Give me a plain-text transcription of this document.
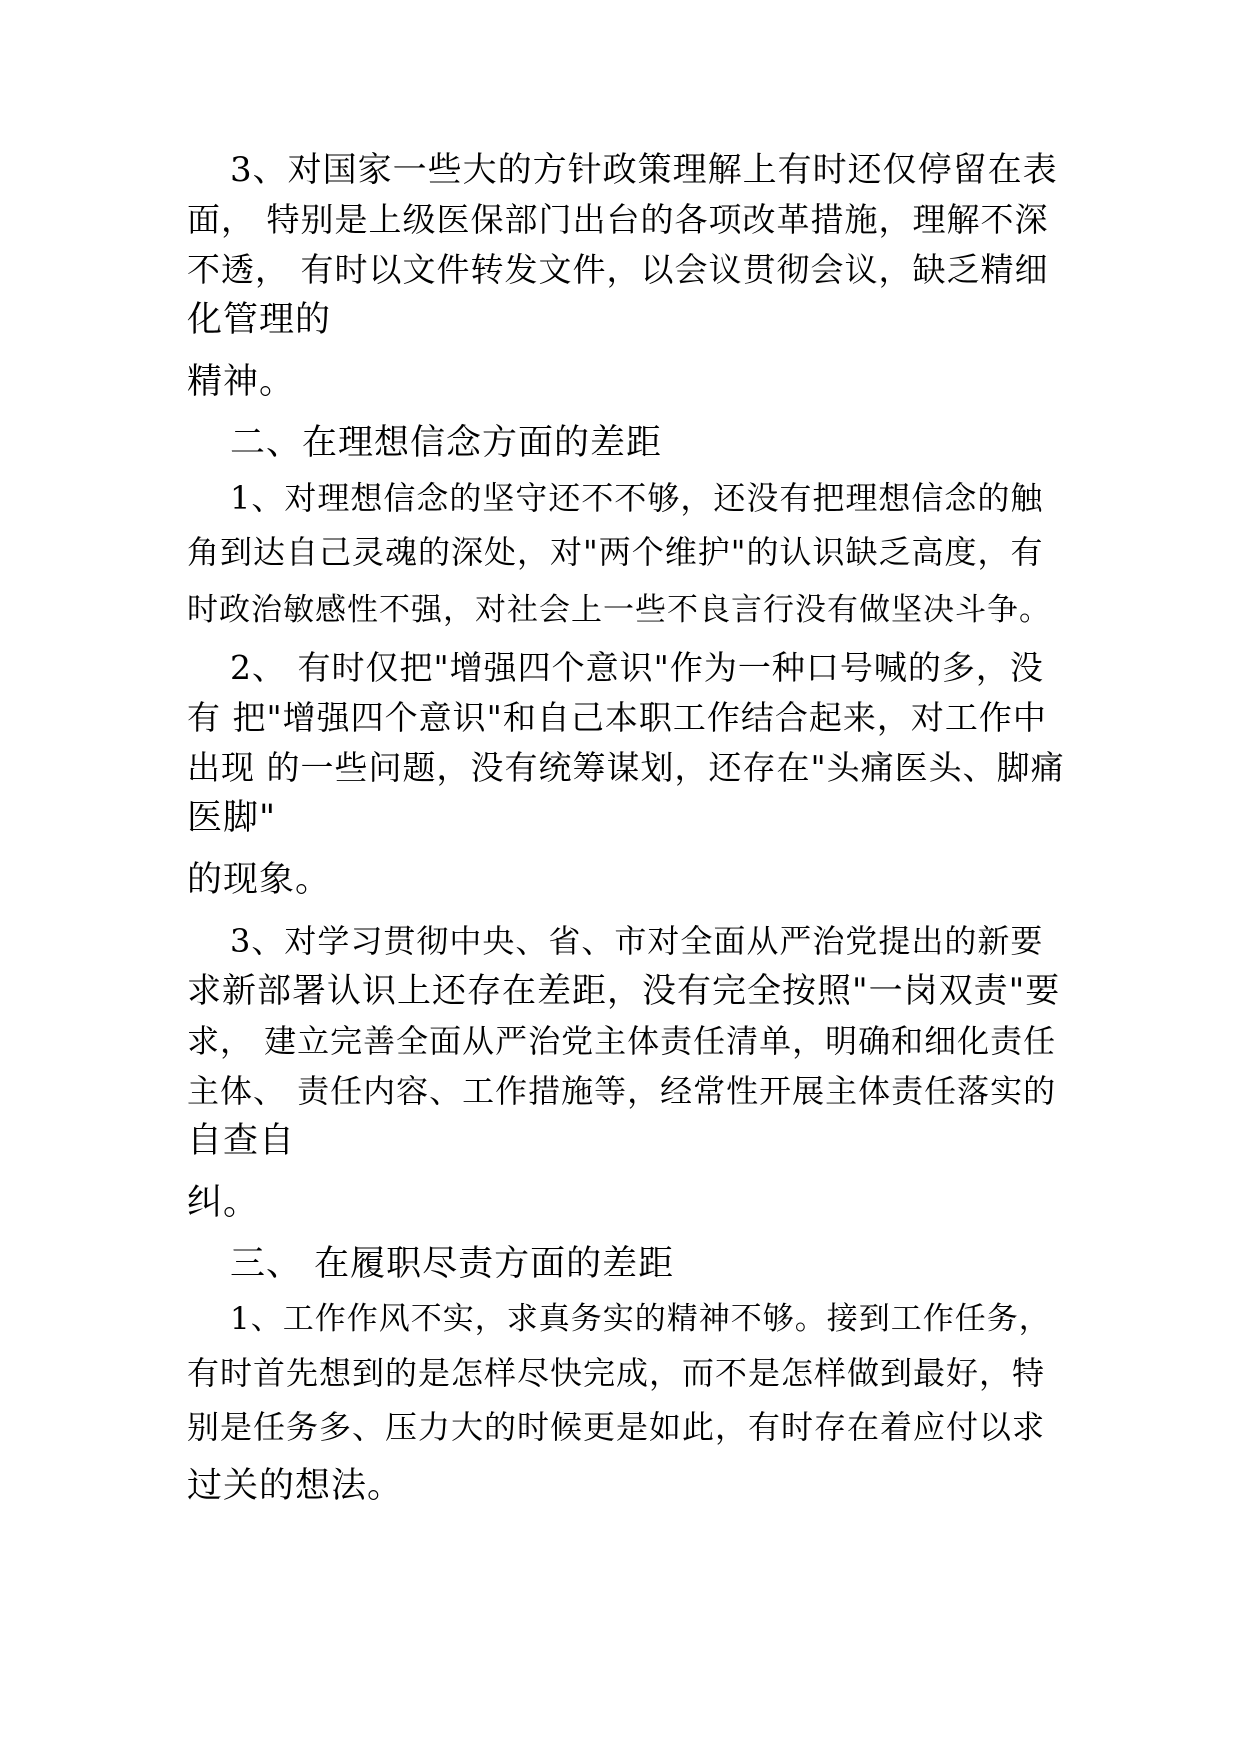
3、对国家一些大的方针政策理解上有时还仅停留在表
面， 特别是上级医保部门出台的各项改革措施，理解不深
不透， 有时以文件转发文件，以会议贯彻会议，缺乏精细
化管理的
精神。
二、在理想信念方面的差距
1、对理想信念的坚守还不不够，还没有把理想信念的触
角到达自己灵魂的深处，对"两个维护"的认识缺乏高度，有
时政治敏感性不强，对社会上一些不良言行没有做坚决斗争。
2、 有时仅把"增强四个意识"作为一种口号喊的多，没
有 把"增强四个意识"和自己本职工作结合起来，对工作中
出现 的一些问题，没有统筹谋划，还存在"头痛医头、脚痛
医脚"
的现象。
3、对学习贯彻中央、省、市对全面从严治党提出的新要
求新部署认识上还存在差距，没有完全按照"一岗双责"要
求， 建立完善全面从严治党主体责任清单，明确和细化责任
主体、 责任内容、工作措施等，经常性开展主体责任落实的
自查自
纠。
三、 在履职尽责方面的差距
1、工作作风不实，求真务实的精神不够。接到工作任务，
有时首先想到的是怎样尽快完成，而不是怎样做到最好，特
别是任务多、压力大的时候更是如此，有时存在着应付以求
过关的想法。
